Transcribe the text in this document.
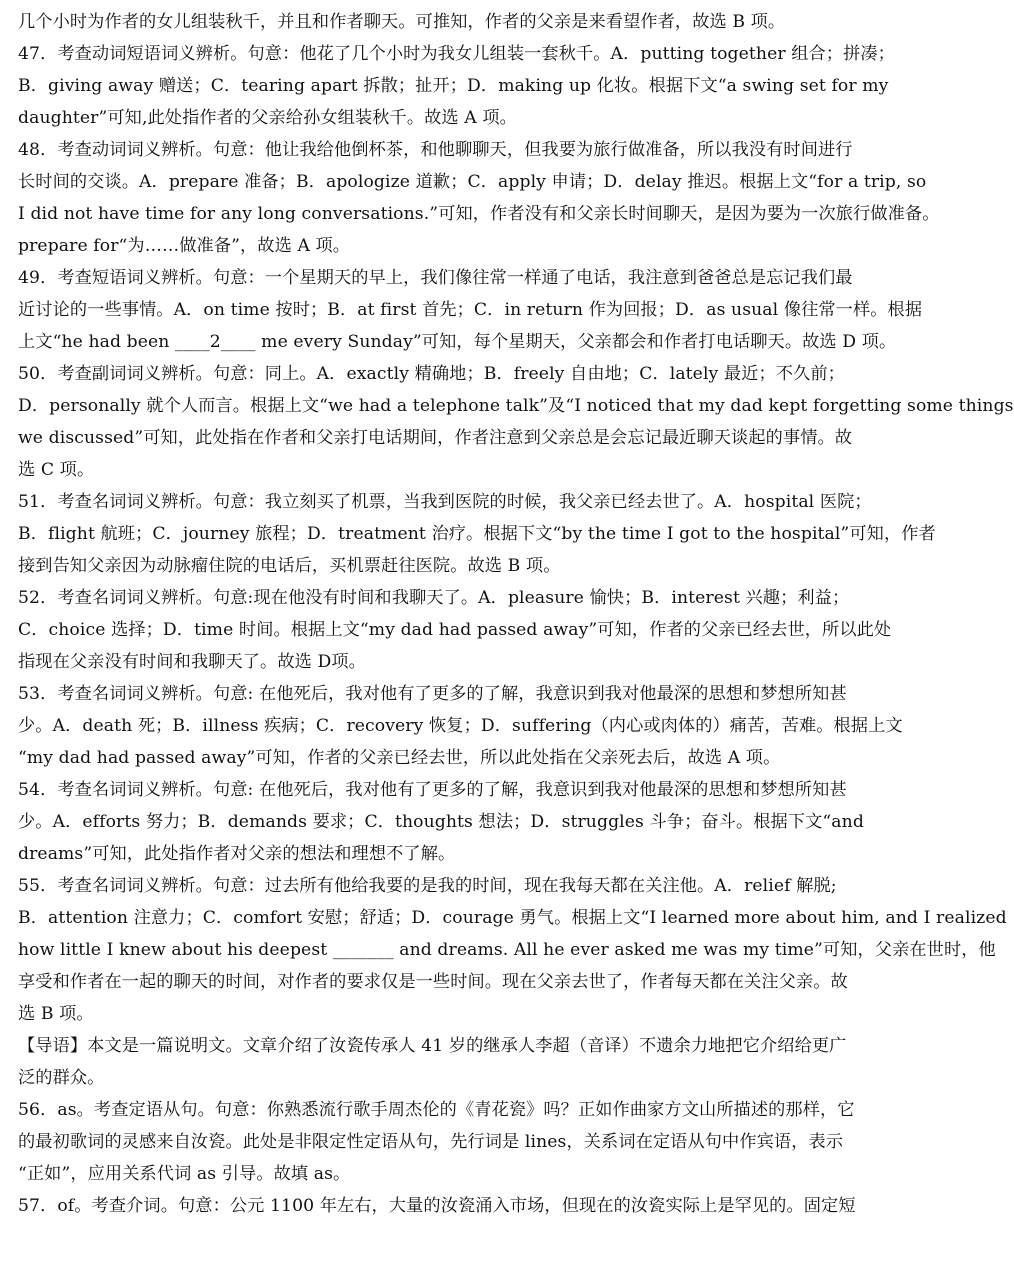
几个小时为作者的女儿组装秋千，并且和作者聊天。可推知，作者的父亲是来看望作者，故选 B 项。

47．考查动词短语词义辨析。句意：他花了几个小时为我女儿组装一套秋千。A．putting together 组合；拼凑；

B．giving away 赠送；C．tearing apart 拆散；扯开；D．making up 化妆。根据下文“a swing set for my

daughter”可知,此处指作者的父亲给孙女组装秋千。故选 A 项。

48．考查动词词义辨析。句意：他让我给他倒杯茶，和他聊聊天，但我要为旅行做准备，所以我没有时间进行

长时间的交谈。A．prepare 准备；B．apologize 道歉；C．apply 申请；D．delay 推迟。根据上文“for a trip, so

I did not have time for any long conversations.”可知，作者没有和父亲长时间聊天，是因为要为一次旅行做准备。

prepare for“为……做准备”，故选 A 项。

49．考查短语词义辨析。句意：一个星期天的早上，我们像往常一样通了电话，我注意到爸爸总是忘记我们最

近讨论的一些事情。A．on time 按时；B．at first 首先；C．in return 作为回报；D．as usual 像往常一样。根据

上文“he had been ____2____ me every Sunday”可知，每个星期天，父亲都会和作者打电话聊天。故选 D 项。

50．考查副词词义辨析。句意：同上。A．exactly 精确地；B．freely 自由地；C．lately 最近；不久前；

D．personally 就个人而言。根据上文“we had a telephone talk”及“I noticed that my dad kept forgetting some things

we discussed”可知，此处指在作者和父亲打电话期间，作者注意到父亲总是会忘记最近聊天谈起的事情。故

选 C 项。

51．考查名词词义辨析。句意：我立刻买了机票，当我到医院的时候，我父亲已经去世了。A．hospital 医院；

B．flight 航班；C．journey 旅程；D．treatment 治疗。根据下文“by the time I got to the hospital”可知，作者

接到告知父亲因为动脉瘤住院的电话后，买机票赶往医院。故选 B 项。

52．考查名词词义辨析。句意:现在他没有时间和我聊天了。A．pleasure 愉快；B．interest 兴趣；利益；

C．choice 选择；D．time 时间。根据上文“my dad had passed away”可知，作者的父亲已经去世，所以此处

指现在父亲没有时间和我聊天了。故选 D项。

53．考查名词词义辨析。句意: 在他死后，我对他有了更多的了解，我意识到我对他最深的思想和梦想所知甚

少。A．death 死；B．illness 疾病；C．recovery 恢复；D．suffering（内心或肉体的）痛苦，苦难。根据上文

“my dad had passed away”可知，作者的父亲已经去世，所以此处指在父亲死去后，故选 A 项。

54．考查名词词义辨析。句意: 在他死后，我对他有了更多的了解，我意识到我对他最深的思想和梦想所知甚

少。A．efforts 努力；B．demands 要求；C．thoughts 想法；D．struggles 斗争；奋斗。根据下文“and

dreams”可知，此处指作者对父亲的想法和理想不了解。

55．考查名词词义辨析。句意：过去所有他给我要的是我的时间，现在我每天都在关注他。A．relief 解脱;

B．attention 注意力；C．comfort 安慰；舒适；D．courage 勇气。根据上文“I learned more about him, and I realized

how little I knew about his deepest _______ and dreams. All he ever asked me was my time”可知，父亲在世时，他

享受和作者在一起的聊天的时间，对作者的要求仅是一些时间。现在父亲去世了，作者每天都在关注父亲。故

选 B 项。

【导语】本文是一篇说明文。文章介绍了汝瓷传承人 41 岁的继承人李超（音译）不遗余力地把它介绍给更广

泛的群众。

56．as。考查定语从句。句意：你熟悉流行歌手周杰伦的《青花瓷》吗？正如作曲家方文山所描述的那样，它

的最初歌词的灵感来自汝瓷。此处是非限定性定语从句，先行词是 lines，关系词在定语从句中作宾语，表示

“正如”，应用关系代词 as 引导。故填 as。

57．of。考查介词。句意：公元 1100 年左右，大量的汝瓷涌入市场，但现在的汝瓷实际上是罕见的。固定短
